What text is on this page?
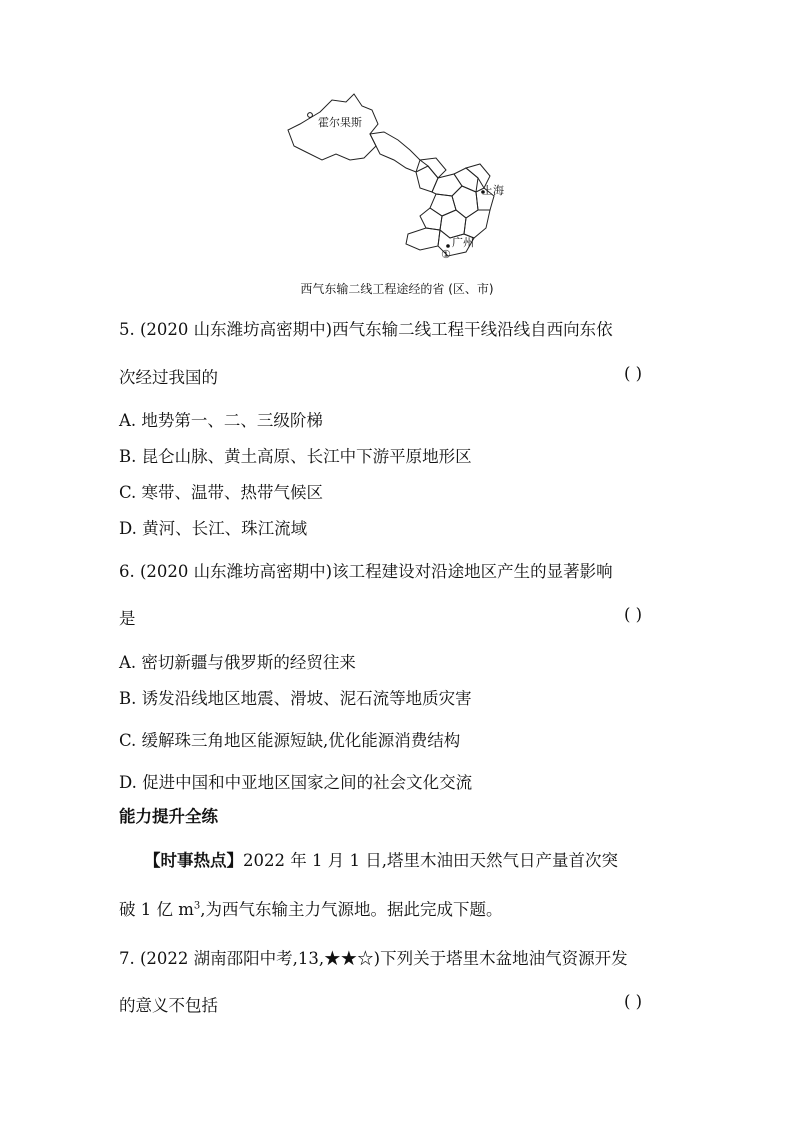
霍尔果斯
上海
广州
①
西气东输二线工程途经的省 (区、市)
5. (2020 山东潍坊高密期中)西气东输二线工程干线沿线自西向东依
次经过我国的	( )
A. 地势第一、二、三级阶梯
B. 昆仑山脉、黄土高原、长江中下游平原地形区
C. 寒带、温带、热带气候区
D. 黄河、长江、珠江流域
6. (2020 山东潍坊高密期中)该工程建设对沿途地区产生的显著影响
是	( )
A. 密切新疆与俄罗斯的经贸往来
B. 诱发沿线地区地震、滑坡、泥石流等地质灾害
C. 缓解珠三角地区能源短缺,优化能源消费结构
D. 促进中国和中亚地区国家之间的社会文化交流
能力提升全练
【时事热点】2022 年 1 月 1 日,塔里木油田天然气日产量首次突
破 1 亿 $m^3$,为西气东输主力气源地。据此完成下题。
7. (2022 湖南邵阳中考,13,★★☆)下列关于塔里木盆地油气资源开发
的意义不包括	( )
